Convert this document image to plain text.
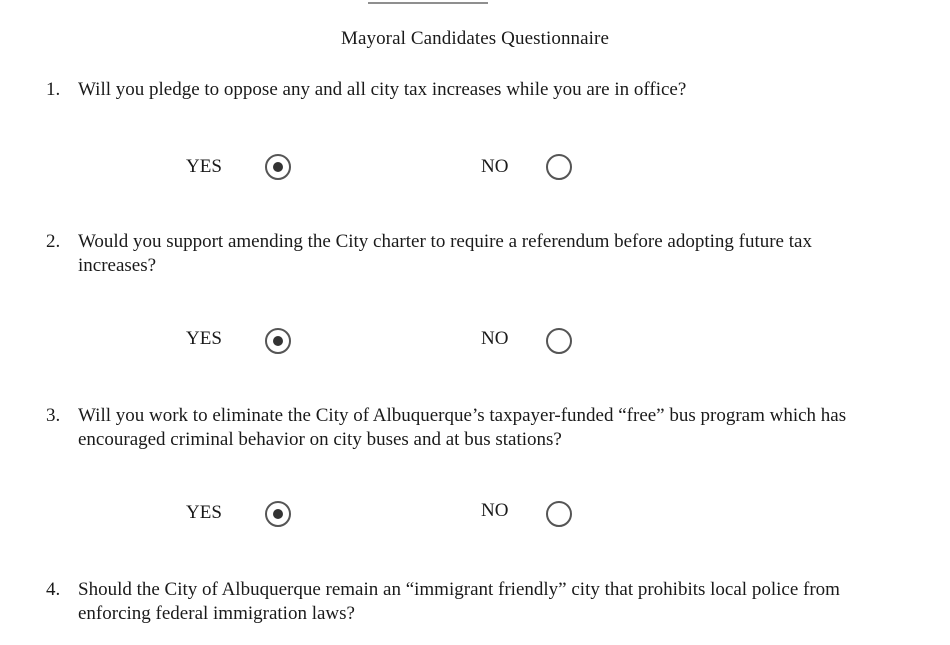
Mayoral Candidates Questionnaire
1. Will you pledge to oppose any and all city tax increases while you are in office?
YES	NO
2. Would you support amending the City charter to require a referendum before adopting future tax increases?
YES	NO
3. Will you work to eliminate the City of Albuquerque’s taxpayer-funded “free” bus program which has encouraged criminal behavior on city buses and at bus stations?
YES	NO
4. Should the City of Albuquerque remain an “immigrant friendly” city that prohibits local police from enforcing federal immigration laws?
